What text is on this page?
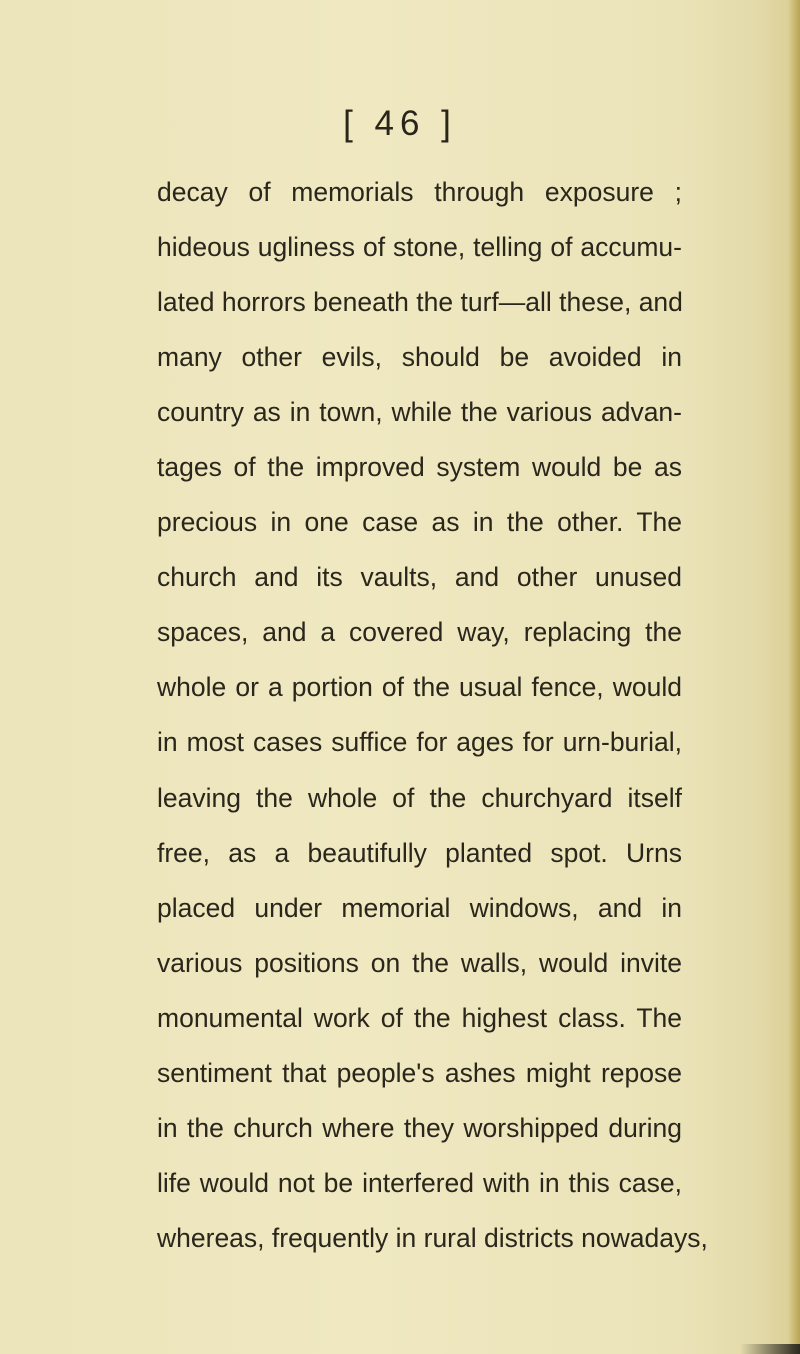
[ 46 ]
decay of memorials through exposure ;
hideous ugliness of stone, telling of accumu-
lated horrors beneath the turf—all these, and
many other evils, should be avoided in
country as in town, while the various advan-
tages of the improved system would be as
precious in one case as in the other. The
church and its vaults, and other unused
spaces, and a covered way, replacing the
whole or a portion of the usual fence, would
in most cases suffice for ages for urn-burial,
leaving the whole of the churchyard itself
free, as a beautifully planted spot. Urns
placed under memorial windows, and in
various positions on the walls, would invite
monumental work of the highest class. The
sentiment that people's ashes might repose
in the church where they worshipped during
life would not be interfered with in this case,
whereas, frequently in rural districts nowadays,
